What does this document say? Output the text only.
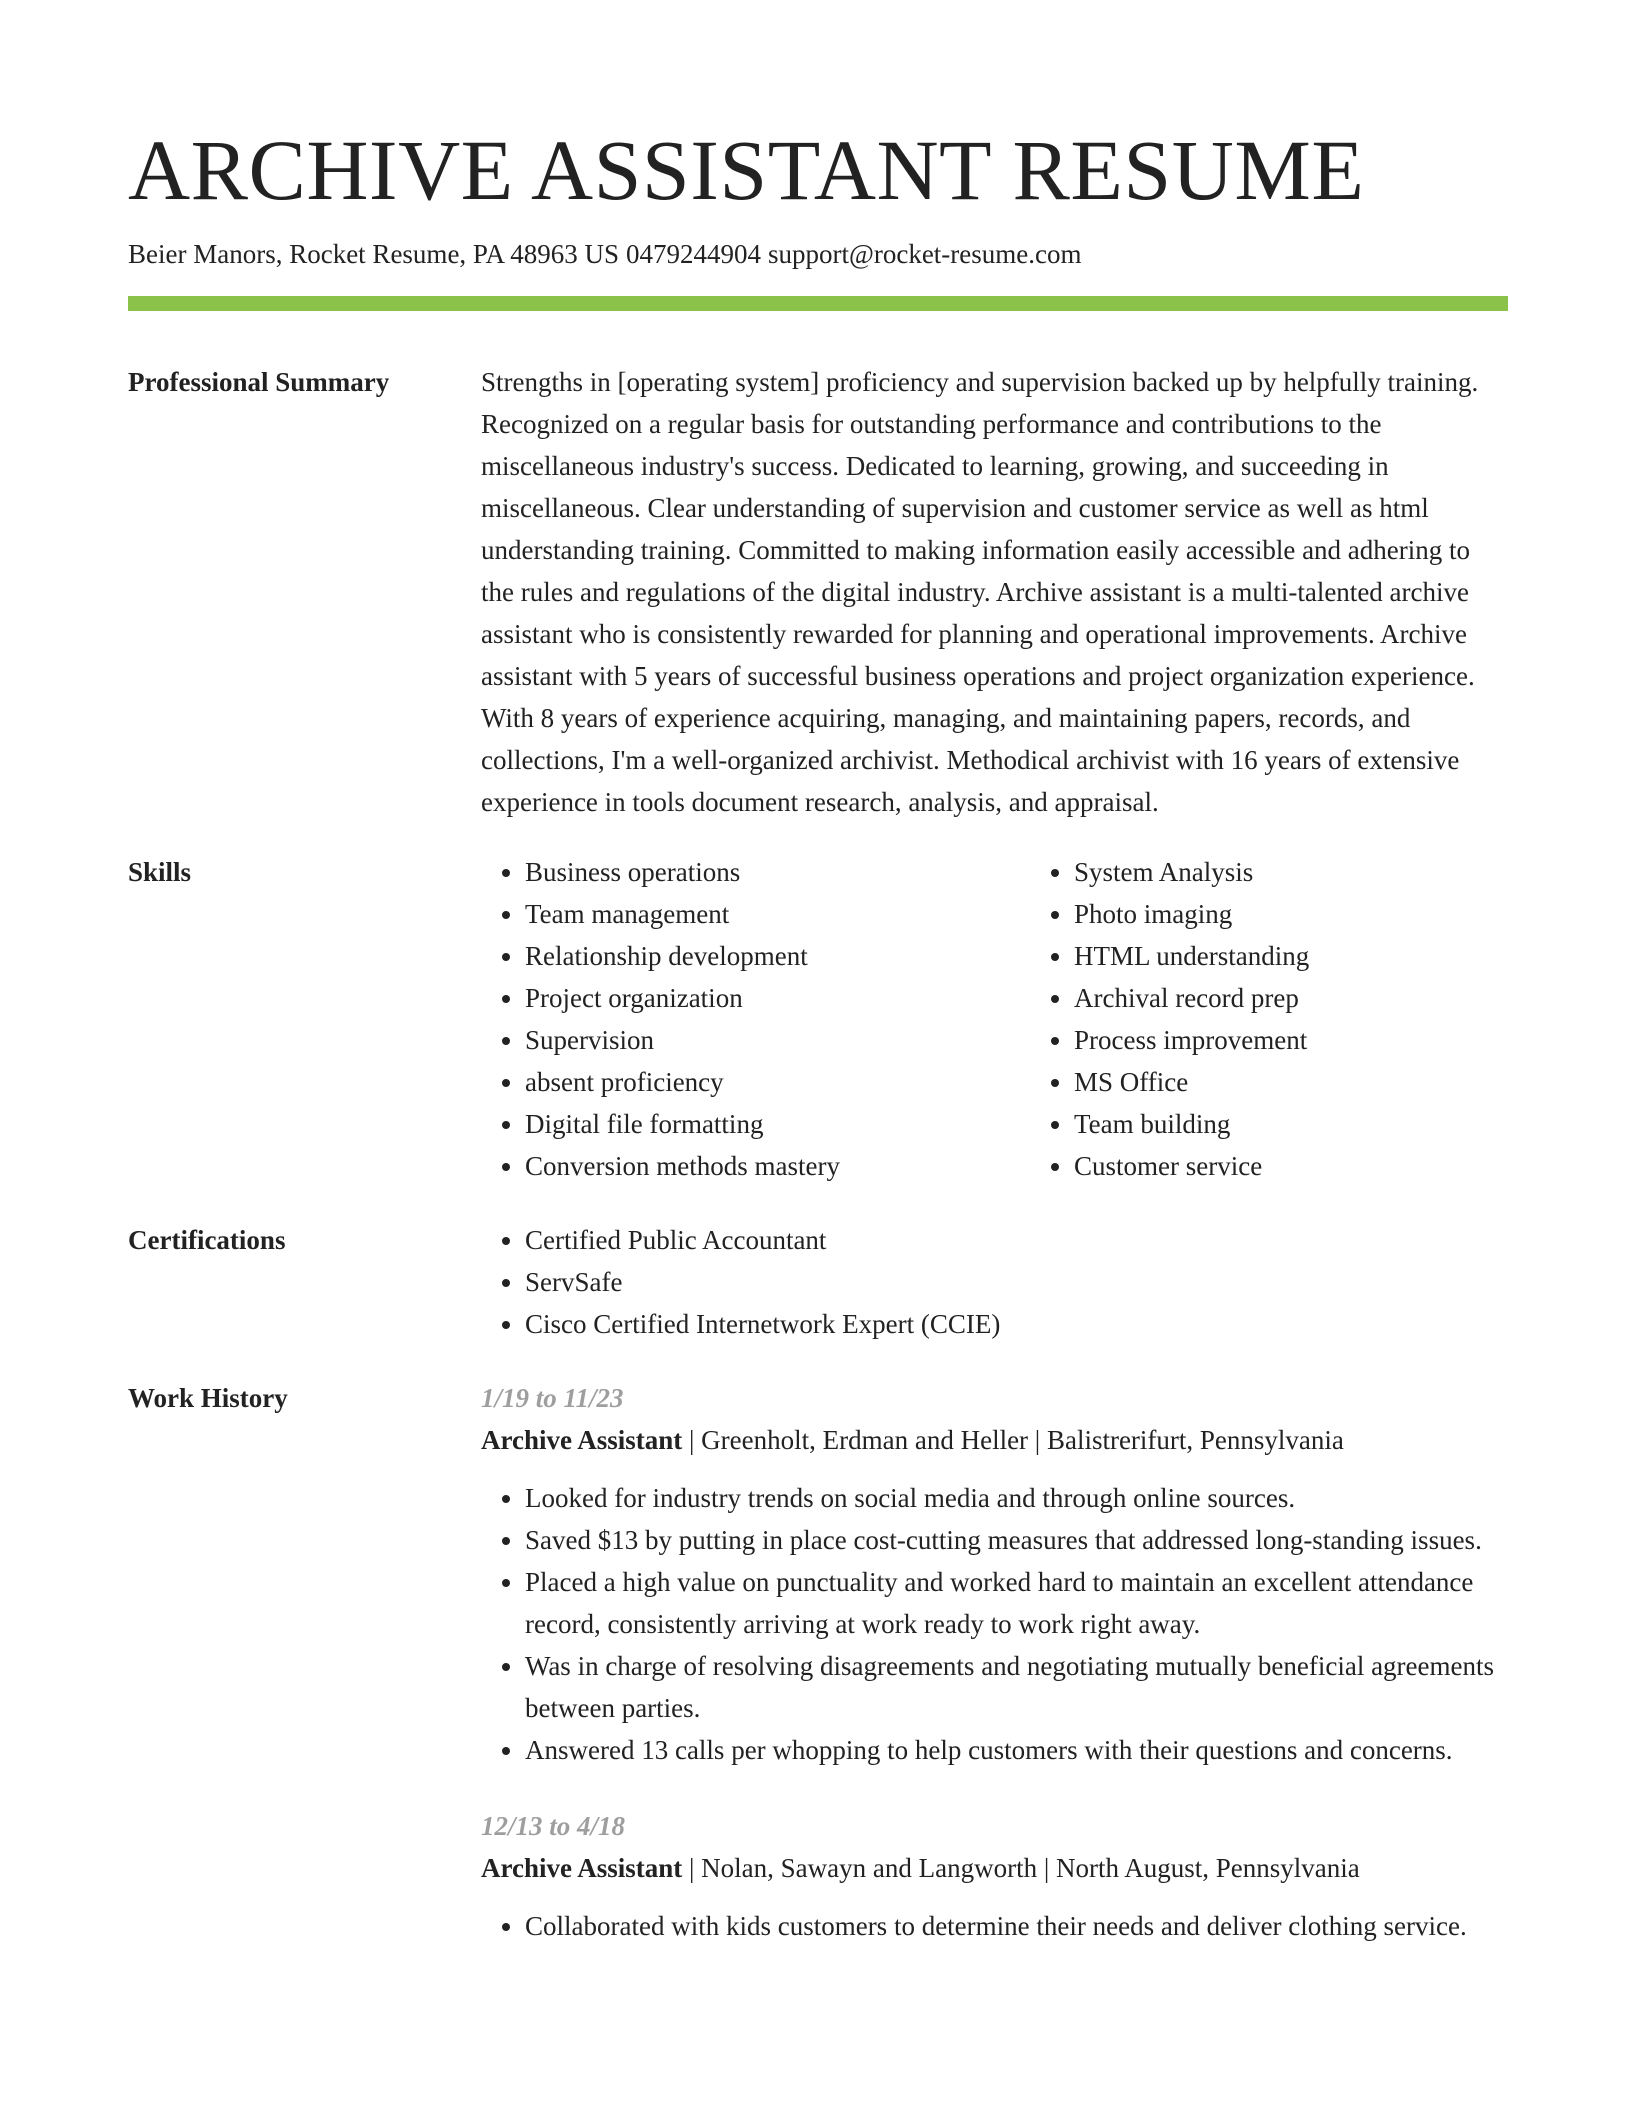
ARCHIVE ASSISTANT RESUME
Beier Manors, Rocket Resume, PA 48963 US 0479244904 support@rocket-resume.com
Professional Summary	Strengths in [operating system] proficiency and supervision backed up by helpfully training. Recognized on a regular basis for outstanding performance and contributions to the miscellaneous industry's success. Dedicated to learning, growing, and succeeding in miscellaneous. Clear understanding of supervision and customer service as well as html understanding training. Committed to making information easily accessible and adhering to the rules and regulations of the digital industry. Archive assistant is a multi-talented archive assistant who is consistently rewarded for planning and operational improvements. Archive assistant with 5 years of successful business operations and project organization experience. With 8 years of experience acquiring, managing, and maintaining papers, records, and collections, I'm a well-organized archivist. Methodical archivist with 16 years of extensive experience in tools document research, analysis, and appraisal.

Skills	• Business operations
• Team management
• Relationship development
• Project organization
• Supervision
• absent proficiency
• Digital file formatting
• Conversion methods mastery
• System Analysis
• Photo imaging
• HTML understanding
• Archival record prep
• Process improvement
• MS Office
• Team building
• Customer service
Certifications	• Certified Public Accountant
• ServSafe
• Cisco Certified Internetwork Expert (CCIE)
Work History	1/19 to 11/23
Archive Assistant | Greenholt, Erdman and Heller | Balistrerifurt, Pennsylvania
• Looked for industry trends on social media and through online sources.
• Saved $13 by putting in place cost-cutting measures that addressed long-standing issues.
• Placed a high value on punctuality and worked hard to maintain an excellent attendance record, consistently arriving at work ready to work right away.
• Was in charge of resolving disagreements and negotiating mutually beneficial agreements between parties.
• Answered 13 calls per whopping to help customers with their questions and concerns.
12/13 to 4/18
Archive Assistant | Nolan, Sawayn and Langworth | North August, Pennsylvania
• Collaborated with kids customers to determine their needs and deliver clothing service.
